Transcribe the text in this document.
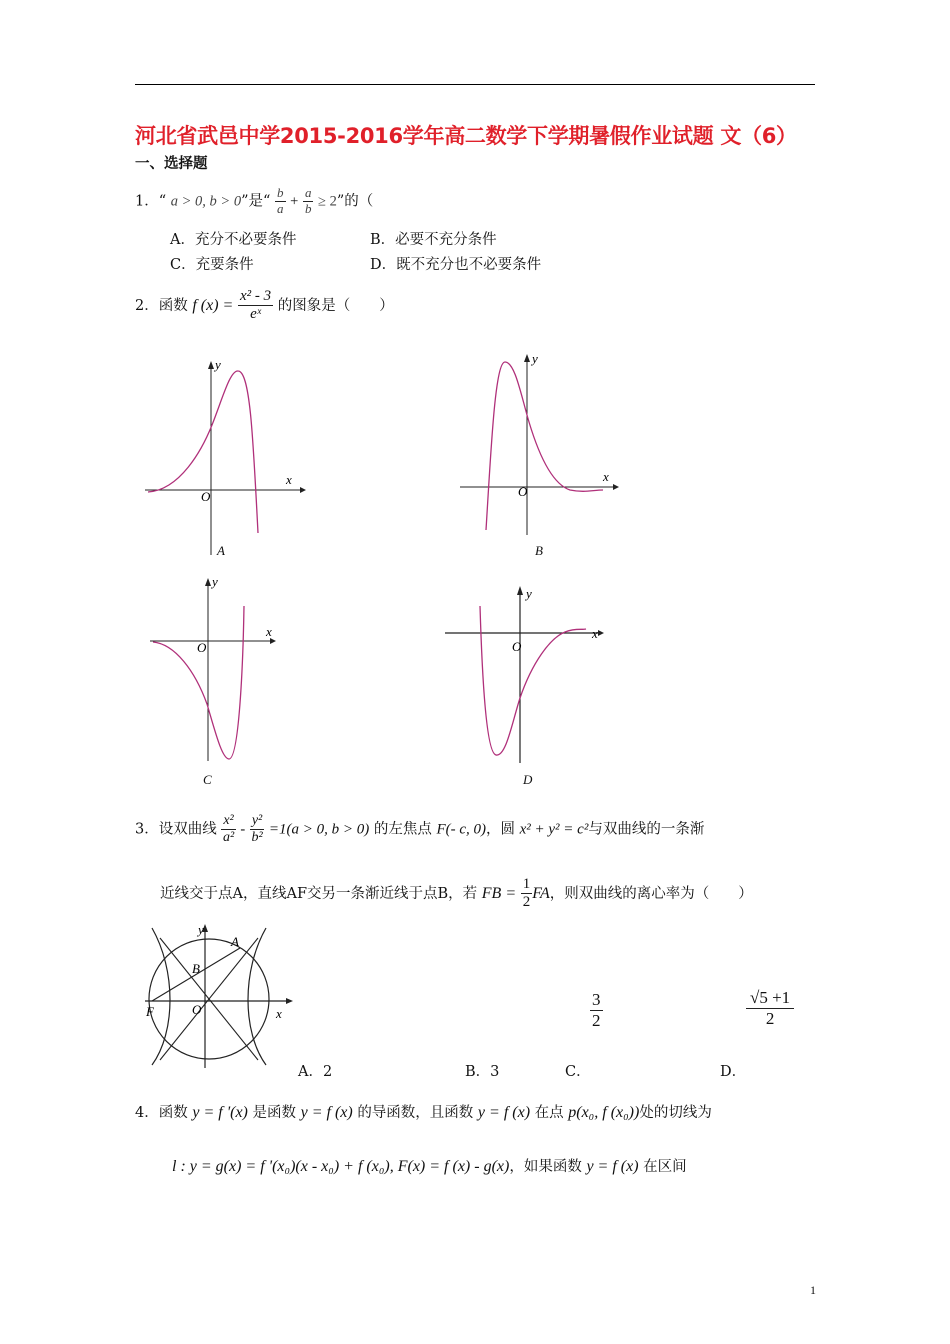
河北省武邑中学2015-2016学年高二数学下学期暑假作业试题 文（6）
一、选择题
1．“ a > 0, b > 0”是“ $\frac{b}{a} + \frac{a}{b} \ge 2$”的（
A．充分不必要条件	B．必要不充分条件
C．充要条件	D．既不充分也不必要条件
2．函数 f $(x) = \frac{\text{x² - 3}}{\text{eˣ}}$ 的图象是（　　）
x
y
O
A
x
y
O
B
x
y
O
C
x
y
O
D
3．设双曲线 $\frac{\text{x²}}{\text{a²}} - \frac{\text{y²}}{\text{b²}} =1(a > 0$, b > 0) 的左焦点 F(- c, 0)，圆 x² + y² = c²与双曲线的一条渐
近线交于点A，直线AF交另一条渐近线于点B，若 FB = $\frac{1}{2}$ FA，则双曲线的离心率为（　　）
y
x
A
B
F	O
A．2	B．3	C．
$\frac{3}{2}$
D．
$\frac{√5 +1}{2}$
4．函数 y = f '(x) 是函数 y = f (x) 的导函数，且函数 y = f (x) 在点 p(x₀, f (x₀))处的切线为
l : y = g(x) = f '(x₀)(x - x₀) + f (x₀), F(x) = f (x) - g(x)，如果函数 y = f (x) 在区间
1
